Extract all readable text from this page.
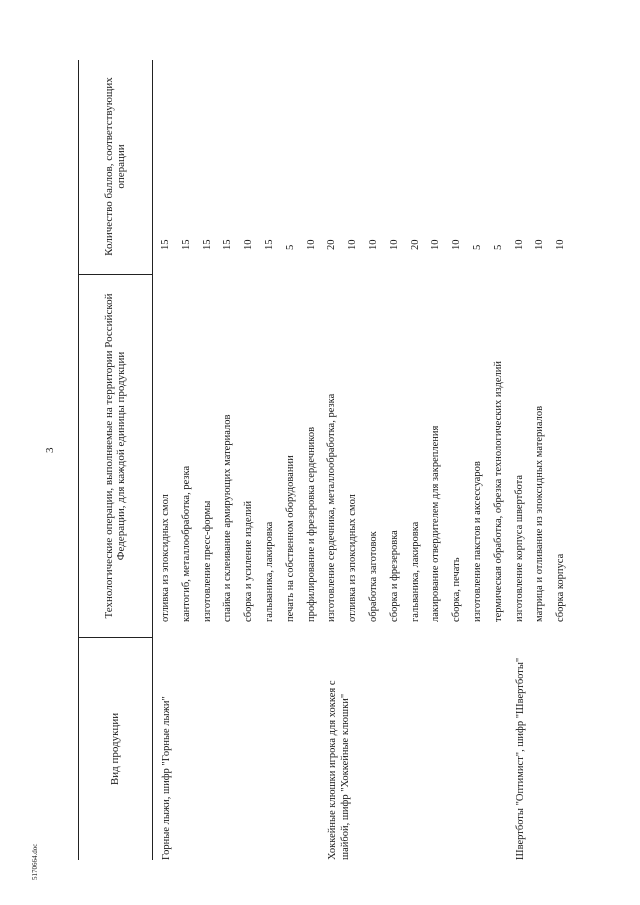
3
5170664.doc
Вид продукции
Технологические операции, выполняемые на территории Российской Федерации, для каждой единицы продукции
Количество баллов, соответствующих операции
отливка из эпоксидных смол
15
кантогиб, металлообработка, резка
15
изготовление пресс-формы
15
спайка и склеивание армирующих материалов
15
сборка и усиление изделий
10
гальваника, лакировка
15
печать на собственном оборудовании
5
профилирование и фрезеровка сердечников
10
изготовление сердечника, металлообработка, резка
20
отливка из эпоксидных смол
10
обработка заготовок
10
сборка и фрезеровка
10
гальваника, лакировка
20
лакирование отвердителем для закрепления
10
сборка, печать
10
изготовление пакстов и аксессуаров
5
термическая обработка, обрезка технологических изделий
5
изготовление корпуса швертбота
10
матрица и отливание из эпоксидных материалов
10
сборка корпуса
10
Горные лыжи, шифр "Горные лыжи"	Хоккейные клюшки игрока для хоккея с шайбой, шифр "Хоккейные клюшки"	Швертботы "Оптимист", шифр "Швертботы"
